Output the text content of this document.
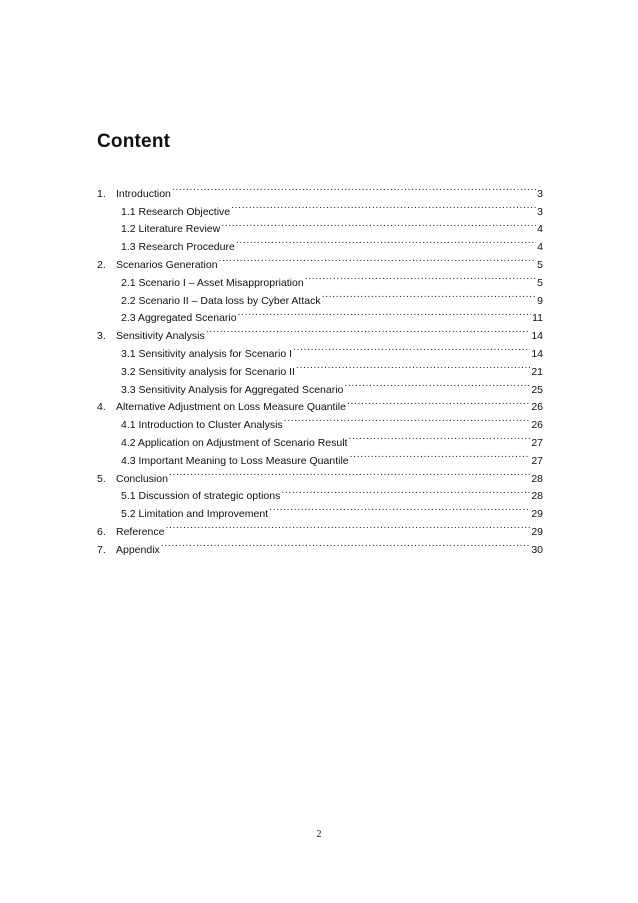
Content
1. Introduction .....	3
1.1 Research Objective .....	3
1.2 Literature Review .....	4
1.3 Research Procedure .....	4
2. Scenarios Generation .....	5
2.1 Scenario I – Asset Misappropriation .....	5
2.2 Scenario II – Data loss by Cyber Attack .....	9
2.3 Aggregated Scenario .....	11
3. Sensitivity Analysis .....	14
3.1 Sensitivity analysis for Scenario I .....	14
3.2 Sensitivity analysis for Scenario II .....	21
3.3 Sensitivity Analysis for Aggregated Scenario .....	25
4. Alternative Adjustment on Loss Measure Quantile .....	26
4.1 Introduction to Cluster Analysis .....	26
4.2 Application on Adjustment of Scenario Result .....	27
4.3 Important Meaning to Loss Measure Quantile .....	27
5. Conclusion .....	28
5.1 Discussion of strategic options .....	28
5.2 Limitation and Improvement .....	29
6. Reference .....	29
7. Appendix .....	30
2
